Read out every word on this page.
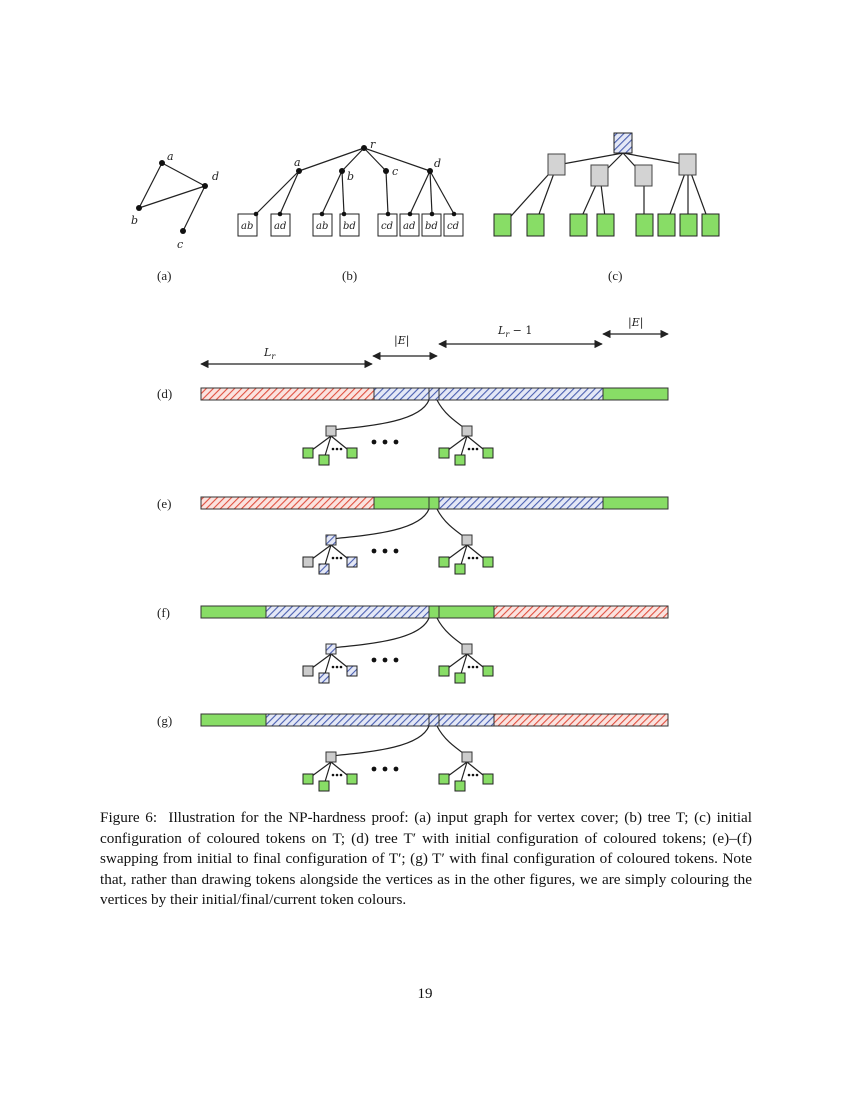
a
d
b
c
(a)
r
a
b	c
d
ab ad	ab bd	cd ad bd cd
(b)	(c)
$L_r$
|E|
$L_r - 1$
|E|
(d)
(e)
(f)
(g)

Figure 6: Illustration for the NP-hardness proof: (a) input graph for vertex cover; (b) tree T; (c) initial configuration of coloured tokens on T; (d) tree T′ with initial configuration of coloured tokens; (e)–(f) swapping from initial to final configuration of T′; (g) T′ with final configuration of coloured tokens. Note that, rather than drawing tokens alongside the vertices as in the other figures, we are simply colouring the vertices by their initial/final/current token colours.

19
